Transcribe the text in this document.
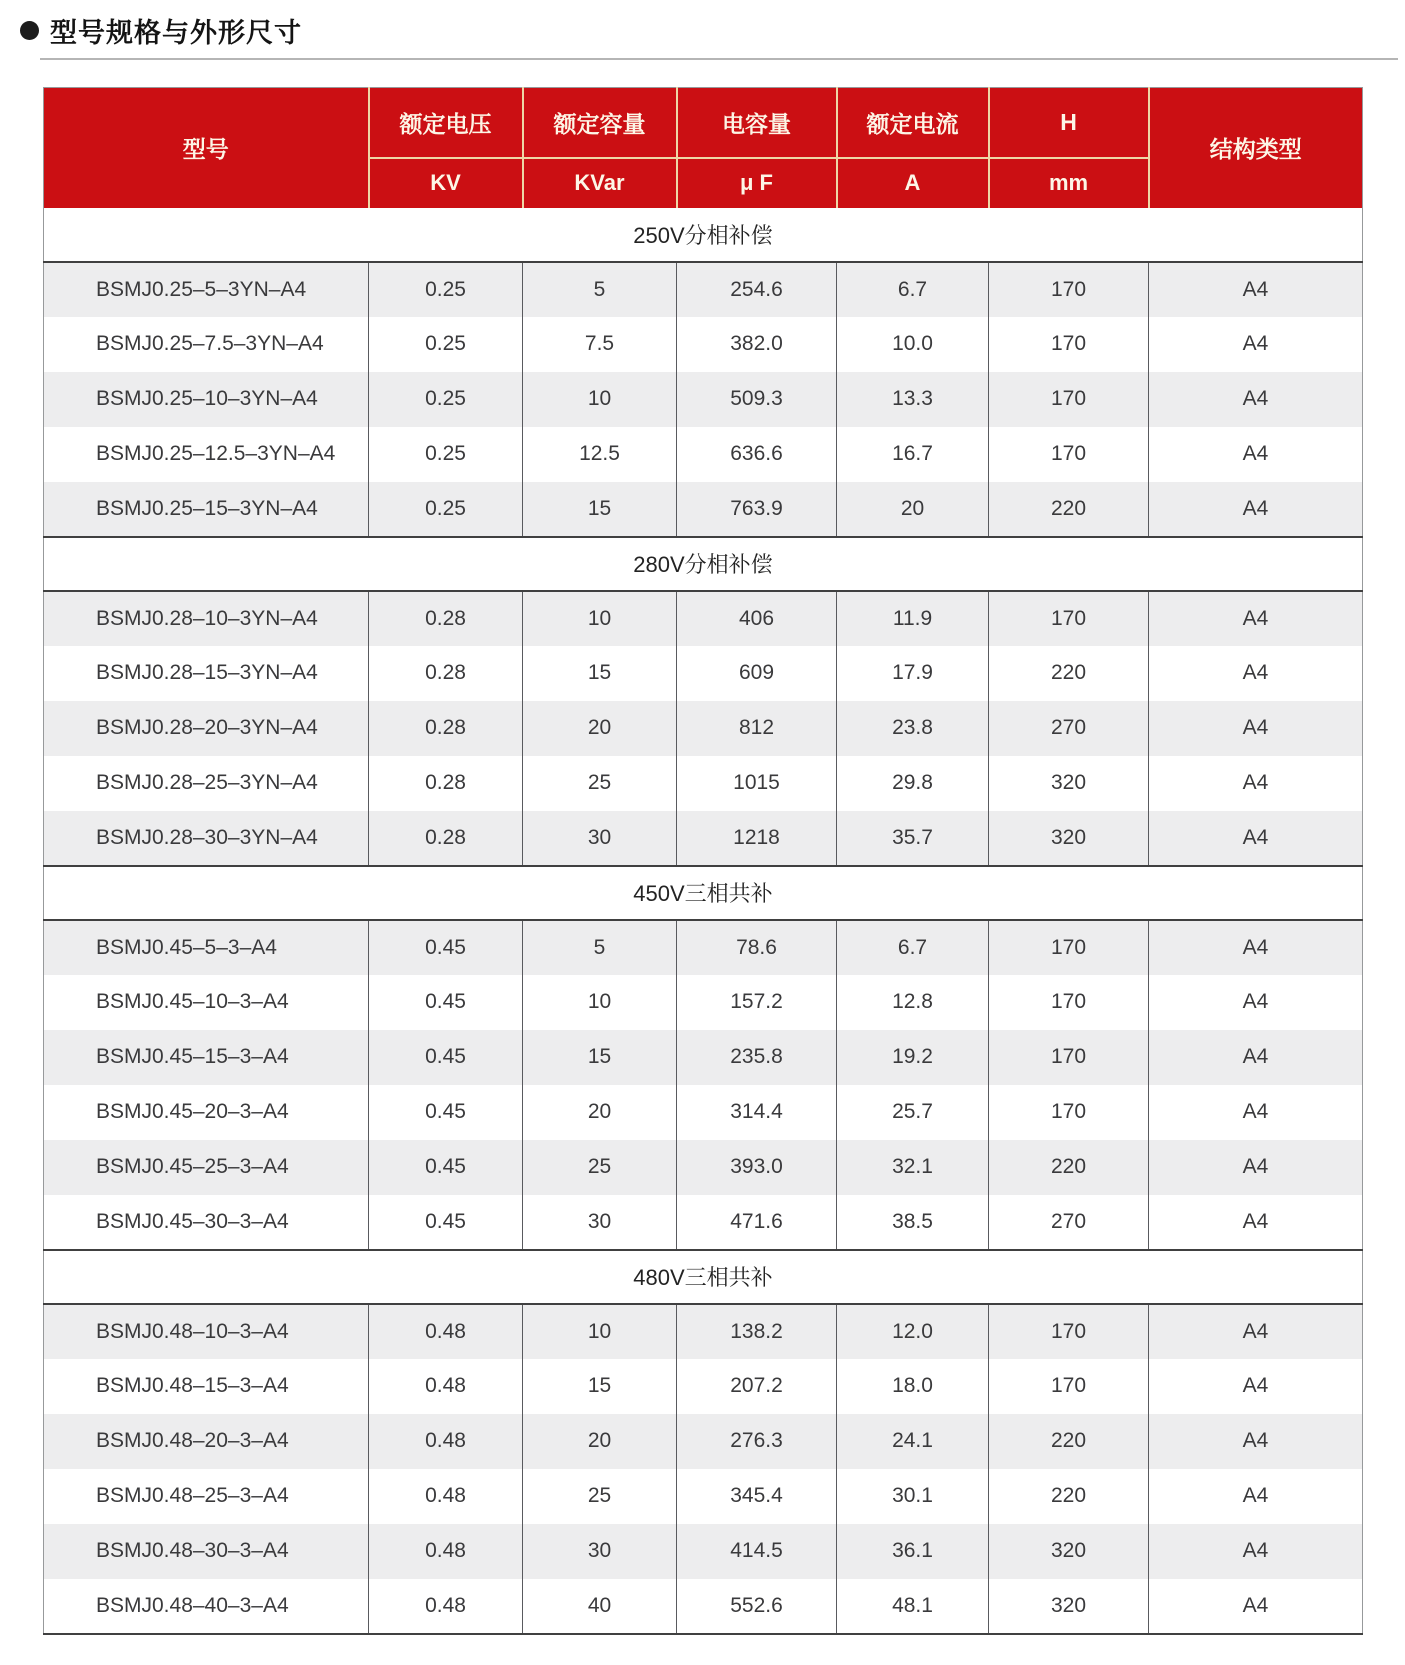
型号规格与外形尺寸
型号	额定电压	额定容量	电容量	额定电流	H	结构类型
	KV	KVar	μ F	A	mm	
250V分相补偿						
BSMJ0.25–5–3YN–A4	0.25	5	254.6	6.7	170	A4
BSMJ0.25–7.5–3YN–A4	0.25	7.5	382.0	10.0	170	A4
BSMJ0.25–10–3YN–A4	0.25	10	509.3	13.3	170	A4
BSMJ0.25–12.5–3YN–A4	0.25	12.5	636.6	16.7	170	A4
BSMJ0.25–15–3YN–A4	0.25	15	763.9	20	220	A4
280V分相补偿						
BSMJ0.28–10–3YN–A4	0.28	10	406	11.9	170	A4
BSMJ0.28–15–3YN–A4	0.28	15	609	17.9	220	A4
BSMJ0.28–20–3YN–A4	0.28	20	812	23.8	270	A4
BSMJ0.28–25–3YN–A4	0.28	25	1015	29.8	320	A4
BSMJ0.28–30–3YN–A4	0.28	30	1218	35.7	320	A4
450V三相共补						
BSMJ0.45–5–3–A4	0.45	5	78.6	6.7	170	A4
BSMJ0.45–10–3–A4	0.45	10	157.2	12.8	170	A4
BSMJ0.45–15–3–A4	0.45	15	235.8	19.2	170	A4
BSMJ0.45–20–3–A4	0.45	20	314.4	25.7	170	A4
BSMJ0.45–25–3–A4	0.45	25	393.0	32.1	220	A4
BSMJ0.45–30–3–A4	0.45	30	471.6	38.5	270	A4
480V三相共补						
BSMJ0.48–10–3–A4	0.48	10	138.2	12.0	170	A4
BSMJ0.48–15–3–A4	0.48	15	207.2	18.0	170	A4
BSMJ0.48–20–3–A4	0.48	20	276.3	24.1	220	A4
BSMJ0.48–25–3–A4	0.48	25	345.4	30.1	220	A4
BSMJ0.48–30–3–A4	0.48	30	414.5	36.1	320	A4
BSMJ0.48–40–3–A4	0.48	40	552.6	48.1	320	A4
